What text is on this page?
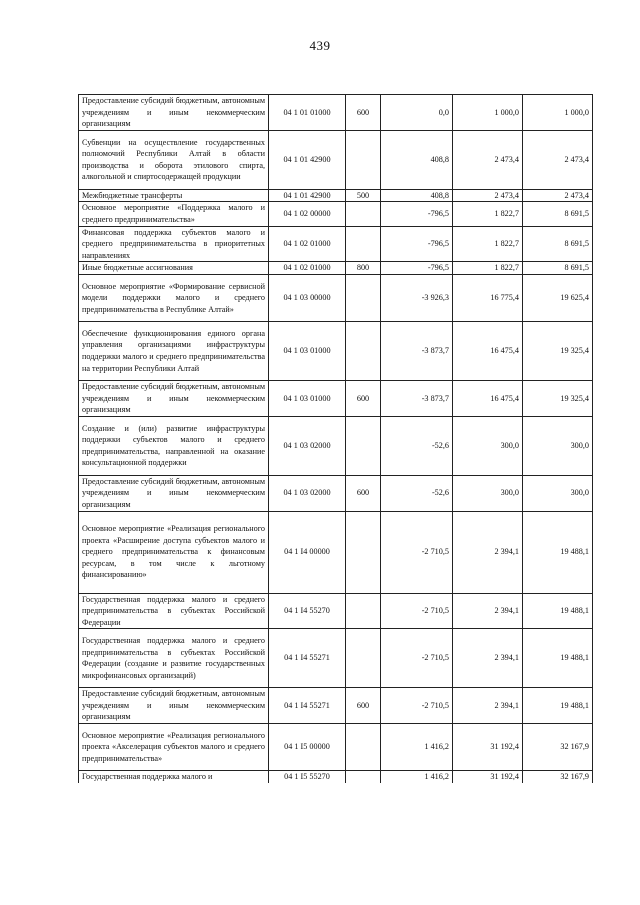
439
Предоставление субсидий бюджетным, автономным учреждениям и иным некоммерческим организациям	04 1 01 01000	600	0,0	1 000,0	1 000,0
Субвенции на осуществление государственных полномочий Республики Алтай в области производства и оборота этилового спирта, алкогольной и спиртосодержащей продукции	04 1 01 42900		408,8	2 473,4	2 473,4
Межбюджетные трансферты	04 1 01 42900	500	408,8	2 473,4	2 473,4
Основное мероприятие «Поддержка малого и среднего предпринимательства»	04 1 02 00000		-796,5	1 822,7	8 691,5
Финансовая поддержка субъектов малого и среднего предпринимательства в приоритетных направлениях	04 1 02 01000		-796,5	1 822,7	8 691,5
Иные бюджетные ассигнования	04 1 02 01000	800	-796,5	1 822,7	8 691,5
Основное мероприятие «Формирование сервисной модели поддержки малого и среднего предпринимательства в Республике Алтай»	04 1 03 00000		-3 926,3	16 775,4	19 625,4
Обеспечение функционирования единого органа управления организациями инфраструктуры поддержки малого и среднего предпринимательства на территории Республики Алтай	04 1 03 01000		-3 873,7	16 475,4	19 325,4
Предоставление субсидий бюджетным, автономным учреждениям и иным некоммерческим организациям	04 1 03 01000	600	-3 873,7	16 475,4	19 325,4
Создание и (или) развитие инфраструктуры поддержки субъектов малого и среднего предпринимательства, направленной на оказание консультационной поддержки	04 1 03 02000		-52,6	300,0	300,0
Предоставление субсидий бюджетным, автономным учреждениям и иным некоммерческим организациям	04 1 03 02000	600	-52,6	300,0	300,0
Основное мероприятие «Реализация регионального проекта «Расширение доступа субъектов малого и среднего предпринимательства к финансовым ресурсам, в том числе к льготному финансированию»	04 1 I4 00000		-2 710,5	2 394,1	19 488,1
Государственная поддержка малого и среднего предпринимательства в субъектах Российской Федерации	04 1 I4 55270		-2 710,5	2 394,1	19 488,1
Государственная поддержка малого и среднего предпринимательства в субъектах Российской Федерации (создание и развитие государственных микрофинансовых организаций)	04 1 I4 55271		-2 710,5	2 394,1	19 488,1
Предоставление субсидий бюджетным, автономным учреждениям и иным некоммерческим организациям	04 1 I4 55271	600	-2 710,5	2 394,1	19 488,1
Основное мероприятие «Реализация регионального проекта «Акселерация субъектов малого и среднего предпринимательства»	04 1 I5 00000		1 416,2	31 192,4	32 167,9
Государственная поддержка малого и	04 1 I5 55270		1 416,2	31 192,4	32 167,9
